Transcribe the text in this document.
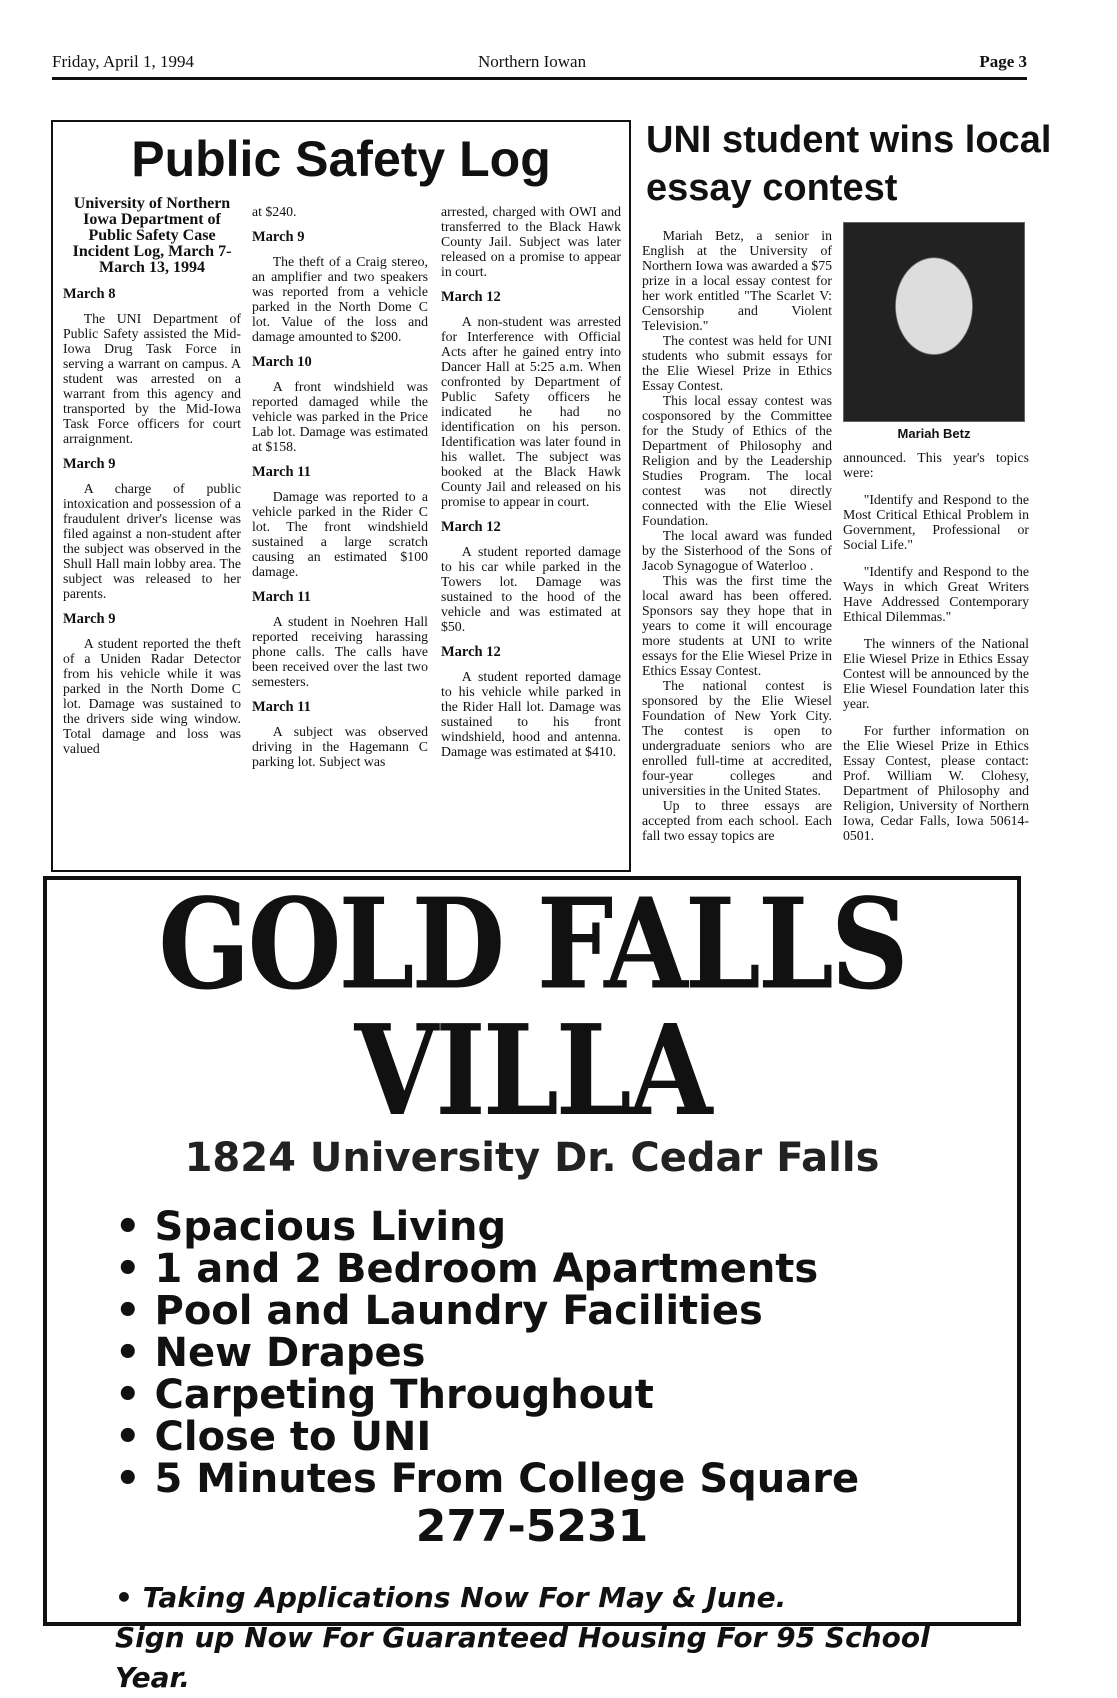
Friday, April 1, 1994	Northern Iowan	Page 3
Public Safety Log
University of Northern Iowa Department of Public Safety Case Incident Log, March 7-March 13, 1994
March 8

The UNI Department of Public Safety assisted the Mid-Iowa Drug Task Force in serving a warrant on campus. A student was arrested on a warrant from this agency and transported by the Mid-Iowa Task Force officers for court arraignment.

March 9

A charge of public intoxication and possession of a fraudulent driver's license was filed against a non-student after the subject was observed in the Shull Hall main lobby area. The subject was released to her parents.

March 9

A student reported the theft of a Uniden Radar Detector from his vehicle while it was parked in the North Dome C lot. Damage was sustained to the drivers side wing window. Total damage and loss was valued

at $240.

March 9

The theft of a Craig stereo, an amplifier and two speakers was reported from a vehicle parked in the North Dome C lot. Value of the loss and damage amounted to $200.

March 10

A front windshield was reported damaged while the vehicle was parked in the Price Lab lot. Damage was estimated at $158.

March 11

Damage was reported to a vehicle parked in the Rider C lot. The front windshield sustained a large scratch causing an estimated $100 damage.

March 11

A student in Noehren Hall reported receiving harassing phone calls. The calls have been received over the last two semesters.

March 11

A subject was observed driving in the Hagemann C parking lot. Subject was

arrested, charged with OWI and transferred to the Black Hawk County Jail. Subject was later released on a promise to appear in court.

March 12

A non-student was arrested for Interference with Official Acts after he gained entry into Dancer Hall at 5:25 a.m. When confronted by Department of Public Safety officers he indicated he had no identification on his person. Identification was later found in his wallet. The subject was booked at the Black Hawk County Jail and released on his promise to appear in court.

March 12

A student reported damage to his car while parked in the Towers lot. Damage was sustained to the hood of the vehicle and was estimated at $50.

March 12

A student reported damage to his vehicle while parked in the Rider Hall lot. Damage was sustained to his front windshield, hood and antenna. Damage was estimated at $410.

UNI student wins local essay contest

Mariah Betz, a senior in English at the University of Northern Iowa was awarded a $75 prize in a local essay contest for her work entitled "The Scarlet V: Censorship and Violent Television."

The contest was held for UNI students who submit essays for the Elie Wiesel Prize in Ethics Essay Contest.

This local essay contest was cosponsored by the Committee for the Study of Ethics of the Department of Philosophy and Religion and by the Leadership Studies Program. The local contest was not directly connected with the Elie Wiesel Foundation.

The local award was funded by the Sisterhood of the Sons of Jacob Synagogue of Waterloo .

This was the first time the local award has been offered. Sponsors say they hope that in years to come it will encourage more students at UNI to write essays for the Elie Wiesel Prize in Ethics Essay Contest.

The national contest is sponsored by the Elie Wiesel Foundation of New York City. The contest is open to undergraduate seniors who are enrolled full-time at accredited, four-year colleges and universities in the United States.

Up to three essays are accepted from each school. Each fall two essay topics are

Mariah Betz

announced. This year's topics were:

"Identify and Respond to the Most Critical Ethical Problem in Government, Professional or Social Life."

"Identify and Respond to the Ways in which Great Writers Have Addressed Contemporary Ethical Dilemmas."

The winners of the National Elie Wiesel Prize in Ethics Essay Contest will be announced by the Elie Wiesel Foundation later this year.

For further information on the Elie Wiesel Prize in Ethics Essay Contest, please contact: Prof. William W. Clohesy, Department of Philosophy and Religion, University of Northern Iowa, Cedar Falls, Iowa 50614-0501.

GOLD FALLS VILLA
1824 University Dr. Cedar Falls
• Spacious Living
• 1 and 2 Bedroom Apartments
• Pool and Laundry Facilities
• New Drapes
• Carpeting Throughout
• Close to UNI
• 5 Minutes From College Square
277-5231
• Taking Applications Now For May & June.
Sign up Now For Guaranteed Housing For 95 School Year.
